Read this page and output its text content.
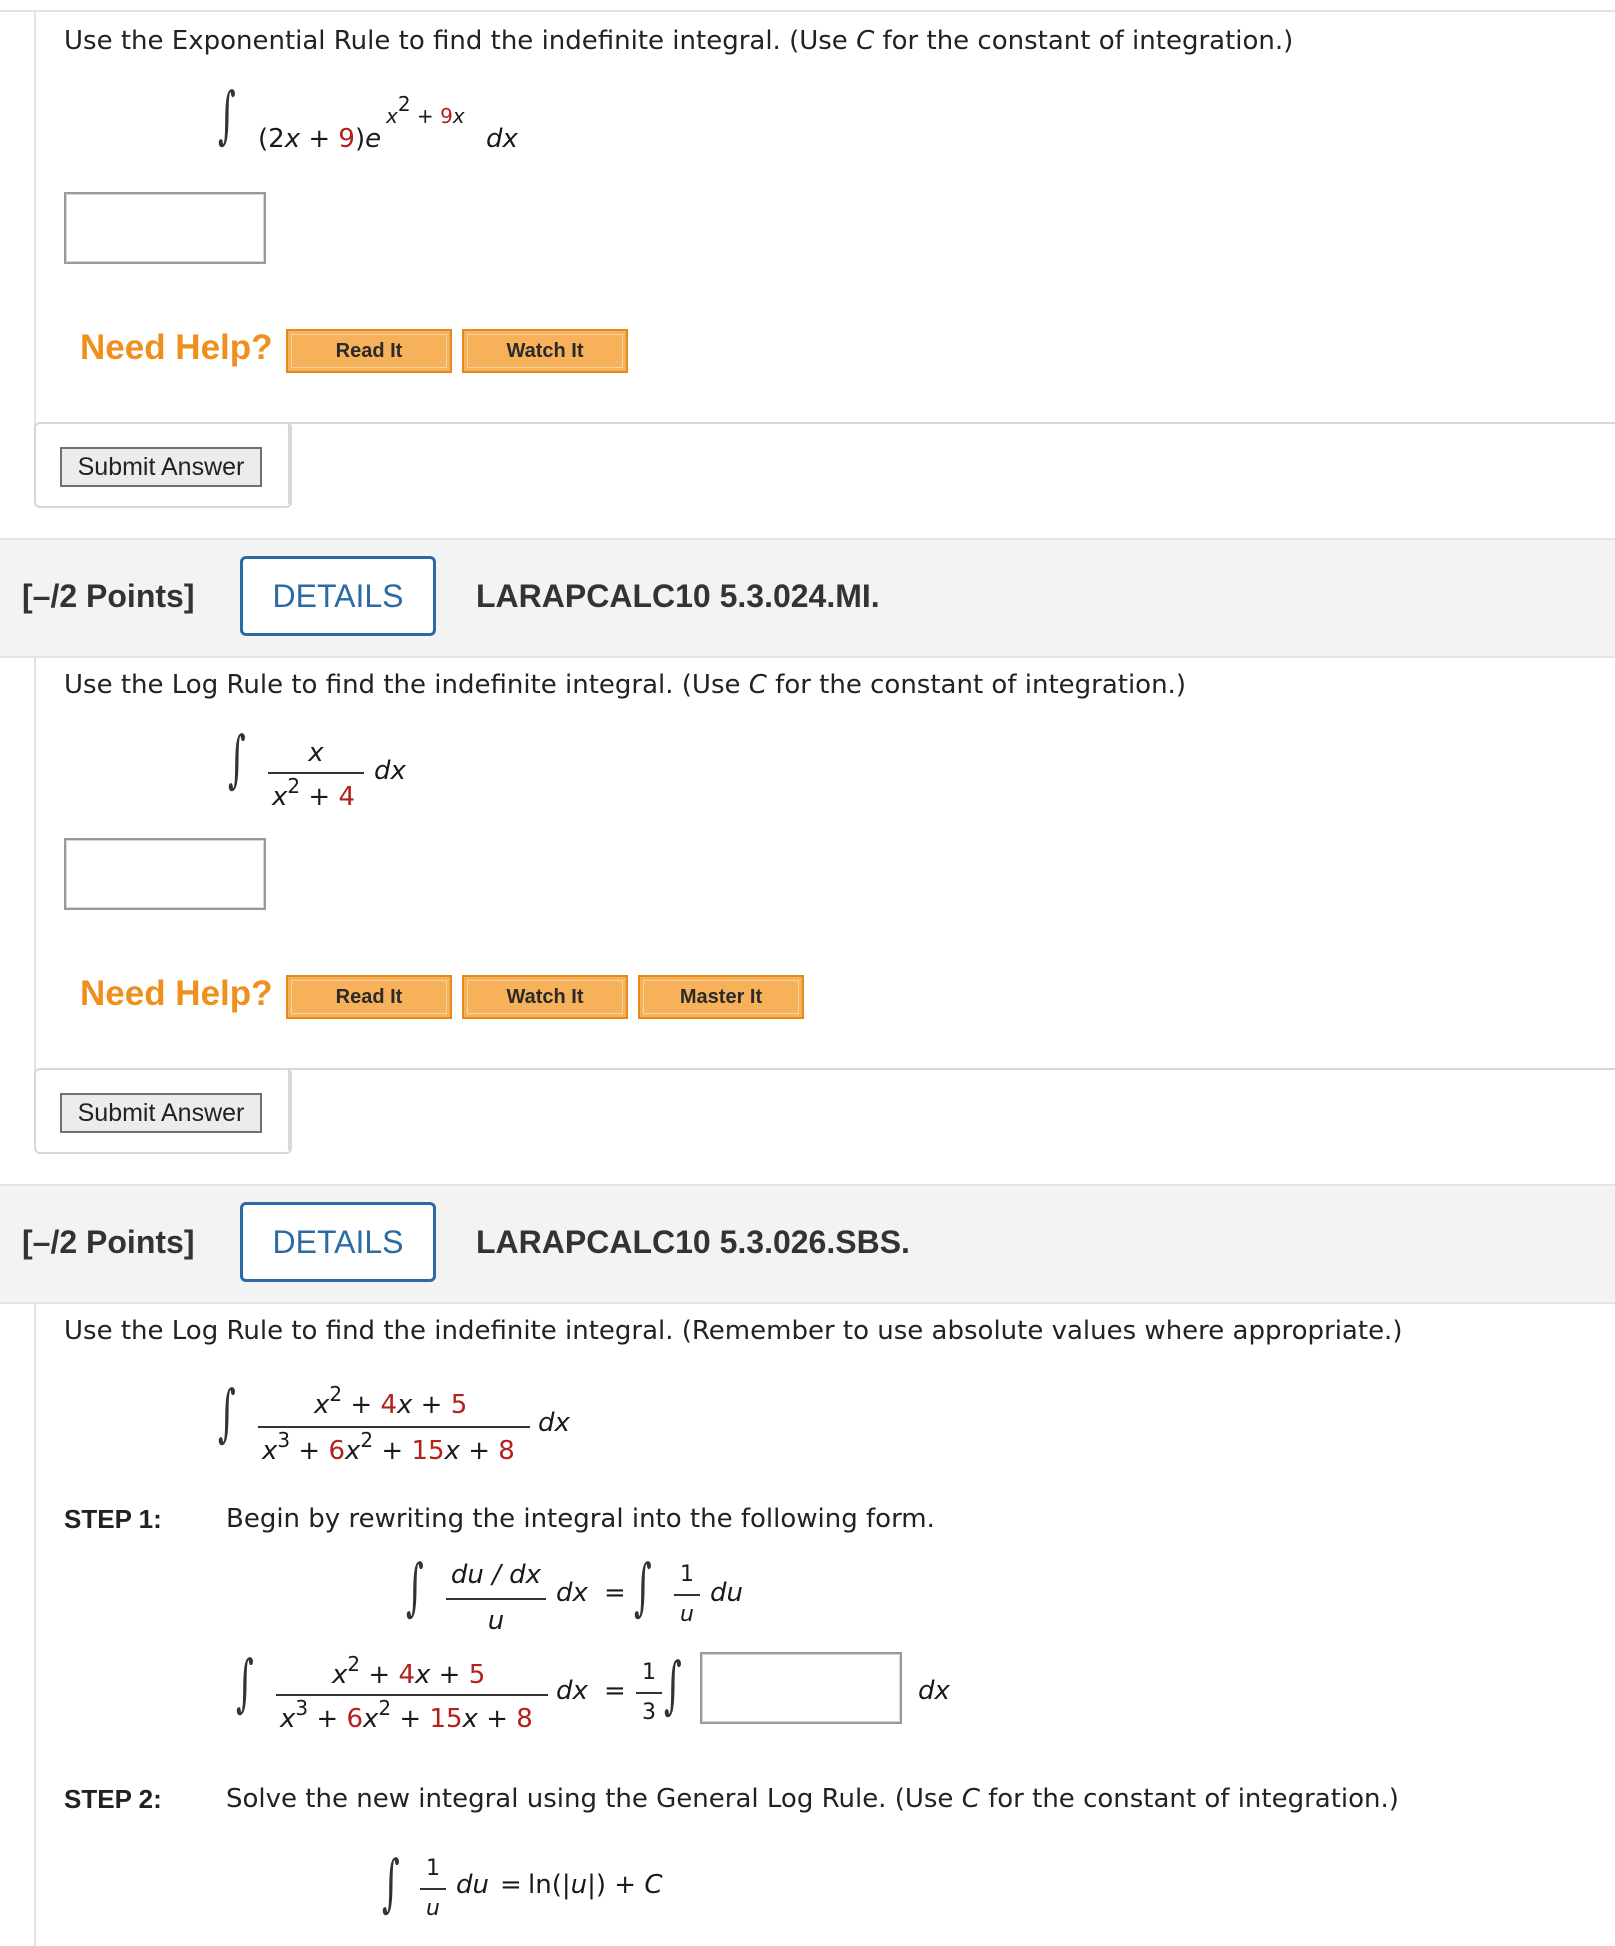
Use the Exponential Rule to find the indefinite integral. (Use C for the constant of integration.)
∫ (2x + 9)e
x2 + 9x
dx
Need Help?	Read It	Watch It
Submit Answer
[–/2 Points]	DETAILS	LARAPCALC10 5.3.024.MI.
Use the Log Rule to find the indefinite integral. (Use C for the constant of integration.)
∫	x
$x^2 + 4$
dx
Need Help?	Read It	Watch It	Master It
Submit Answer
[–/2 Points]	DETAILS	LARAPCALC10 5.3.026.SBS.
Use the Log Rule to find the indefinite integral. (Remember to use absolute values where appropriate.)
∫	$x^2 + 4x + 5$
$x^3 + 6x^2 + 15x + 8$
dx
STEP 1: Begin by rewriting the integral into the following form.
∫ du / dx
u
dx = ∫ 1
u
du
∫	$x^2 + 4x + 5$
$x^3 + 6x^2 + 15x + 8$
dx =
1
3 ∫	dx
STEP 2: Solve the new integral using the General Log Rule. (Use C for the constant of integration.)
∫ 1
u
du = ln(|u|) + C
